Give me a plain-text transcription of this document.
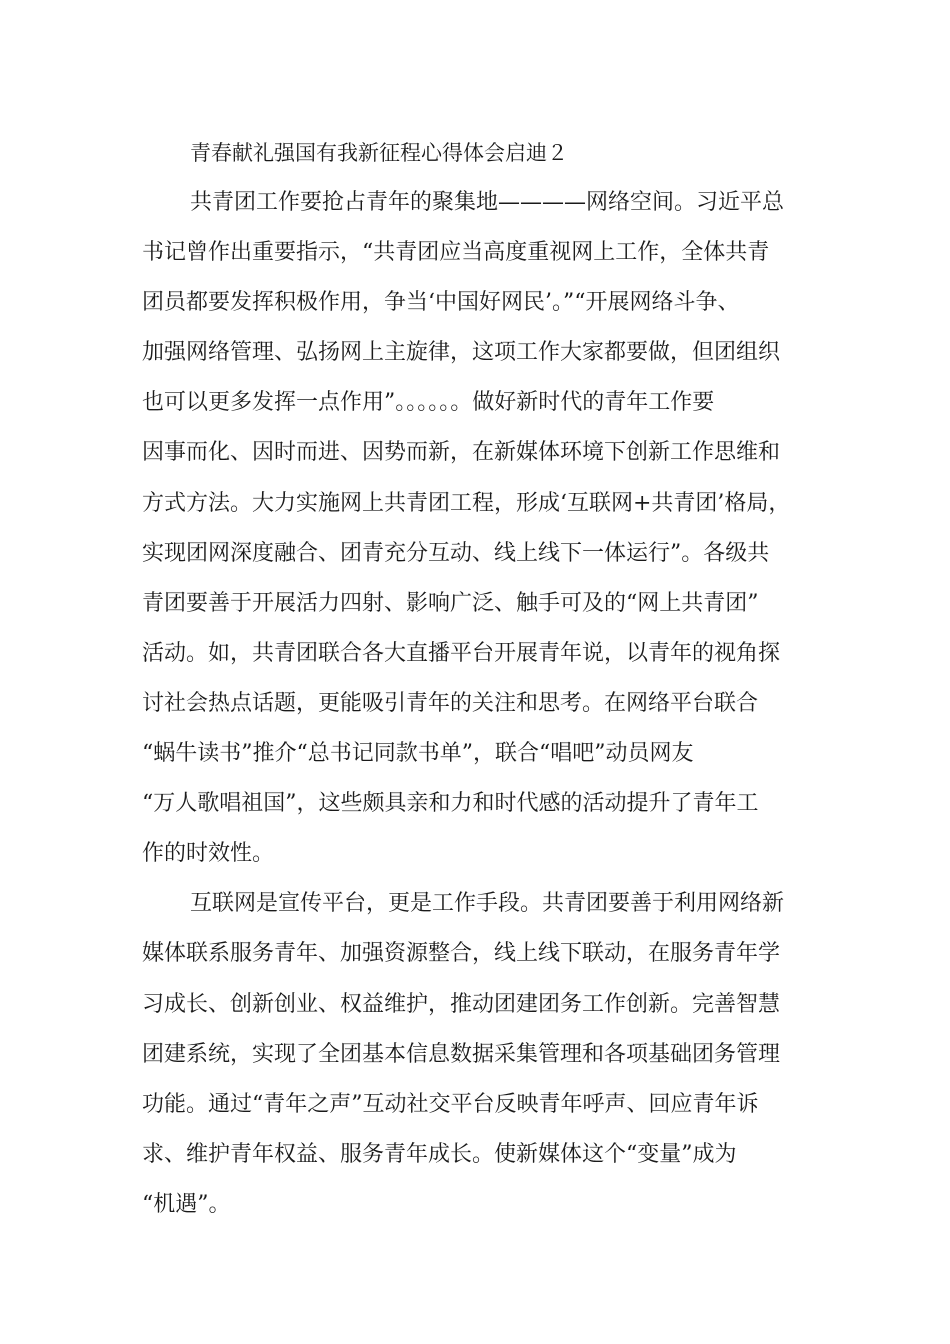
青春献礼强国有我新征程心得体会启迪２

共青团工作要抢占青年的聚集地————网络空间。习近平总
书记曾作出重要指示，“共青团应当高度重视网上工作，全体共青
团员都要发挥积极作用，争当‘中国好网民’。”“开展网络斗争、
加强网络管理、弘扬网上主旋律，这项工作大家都要做，但团组织
也可以更多发挥一点作用”。。。。。。做好新时代的青年工作要
因事而化、因时而进、因势而新，在新媒体环境下创新工作思维和
方式方法。大力实施网上共青团工程，形成‘互联网+共青团’格局，
实现团网深度融合、团青充分互动、线上线下一体运行”。各级共
青团要善于开展活力四射、影响广泛、触手可及的“网上共青团”
活动。如，共青团联合各大直播平台开展青年说，以青年的视角探
讨社会热点话题，更能吸引青年的关注和思考。在网络平台联合
“蜗牛读书”推介“总书记同款书单”，联合“唱吧”动员网友
“万人歌唱祖国”，这些颇具亲和力和时代感的活动提升了青年工
作的时效性。

互联网是宣传平台，更是工作手段。共青团要善于利用网络新
媒体联系服务青年、加强资源整合，线上线下联动，在服务青年学
习成长、创新创业、权益维护，推动团建团务工作创新。完善智慧
团建系统，实现了全团基本信息数据采集管理和各项基础团务管理
功能。通过“青年之声”互动社交平台反映青年呼声、回应青年诉
求、维护青年权益、服务青年成长。使新媒体这个“变量”成为
“机遇”。
